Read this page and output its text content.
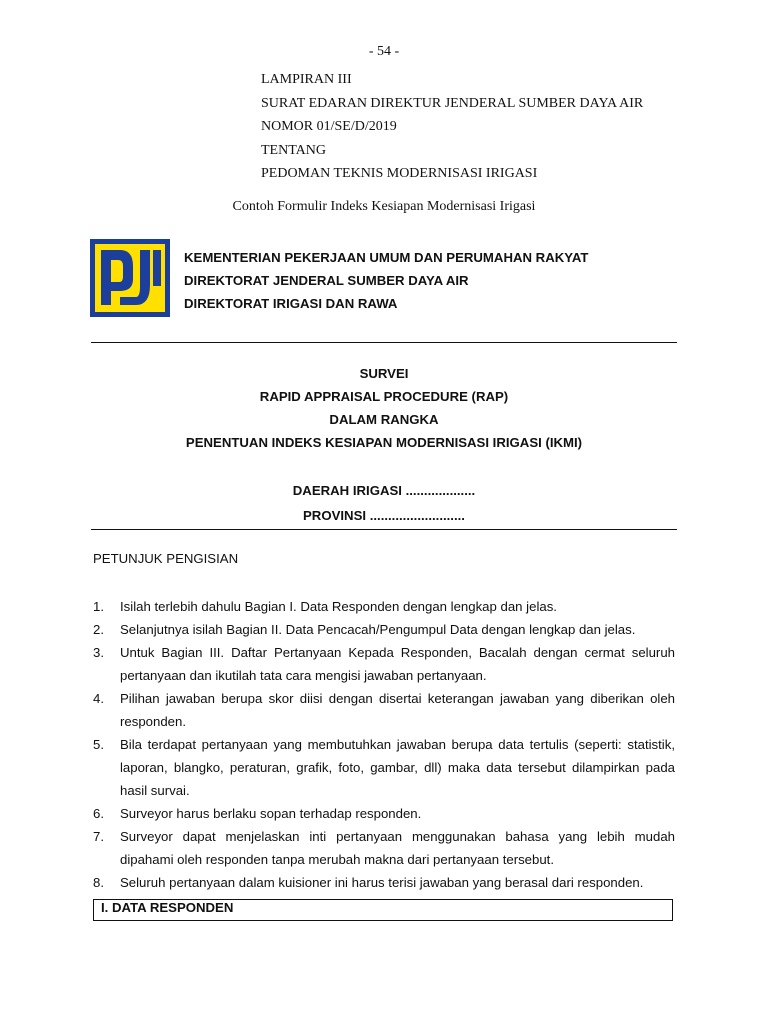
- 54 -
LAMPIRAN III
SURAT EDARAN DIREKTUR JENDERAL SUMBER DAYA AIR
NOMOR 01/SE/D/2019
TENTANG
PEDOMAN TEKNIS MODERNISASI IRIGASI
Contoh Formulir Indeks Kesiapan Modernisasi Irigasi
KEMENTERIAN PEKERJAAN UMUM DAN PERUMAHAN RAKYAT
DIREKTORAT JENDERAL SUMBER DAYA AIR
DIREKTORAT IRIGASI DAN RAWA
SURVEI
RAPID APPRAISAL PROCEDURE (RAP)
DALAM RANGKA
PENENTUAN INDEKS KESIAPAN MODERNISASI IRIGASI (IKMI)
DAERAH IRIGASI ...................
PROVINSI ..........................
PETUNJUK PENGISIAN
1. Isilah terlebih dahulu Bagian I. Data Responden dengan lengkap dan jelas.
2. Selanjutnya isilah Bagian II. Data Pencacah/Pengumpul Data dengan lengkap dan jelas.
3. Untuk Bagian III. Daftar Pertanyaan Kepada Responden, Bacalah dengan cermat seluruh pertanyaan dan ikutilah tata cara mengisi jawaban pertanyaan.
4. Pilihan jawaban berupa skor diisi dengan disertai keterangan jawaban yang diberikan oleh responden.
5. Bila terdapat pertanyaan yang membutuhkan jawaban berupa data tertulis (seperti: statistik, laporan, blangko, peraturan, grafik, foto, gambar, dll) maka data tersebut dilampirkan pada hasil survai.
6. Surveyor harus berlaku sopan terhadap responden.
7. Surveyor dapat menjelaskan inti pertanyaan menggunakan bahasa yang lebih mudah dipahami oleh responden tanpa merubah makna dari pertanyaan tersebut.
8. Seluruh pertanyaan dalam kuisioner ini harus terisi jawaban yang berasal dari responden.
I. DATA RESPONDEN
